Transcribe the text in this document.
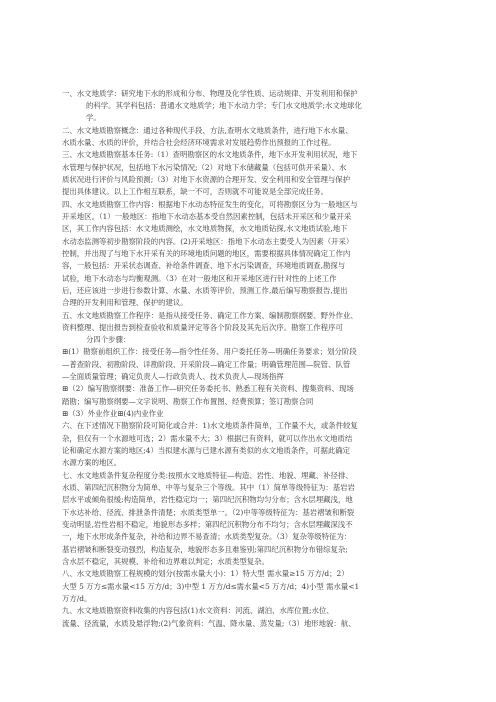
一、水文地质学：研究地下水的形成和分布、物理及化学性质、运动规律、开发利用和保护
的科学。其学科包括：普通水文地质学；地下水动力学；专门水文地质学;水文地球化
学。
二、水文地质勘察概念：通过各种现代手段、方法,查明水文地质条件，进行地下水水量、
水质水量、水质的评价，并结合社会经济环境需求对发展趋势作出预报的工作过程。
三、水文地质勘察基本任务:（1）查明勘察区的水文地质条件，地下水开发利用状况，地下
水管理与保护状况，包括地下水污染情况;（2）对地下水储藏量（包括可供开采量）、水
质状况进行评价与风险预测;（3）对地下水资源的合理开发、安全利用和安全管理与保护
提出具体建议。以上工作相互联系，缺一不可，否则就不可能说是全部完成任务。
四、水文地质勘察工作内容：根据地下水动态特征发生的变化，可将勘察区分为一般地区与
开采地区。（1）一般地区：指地下水动态基本受自然因素控制，包括未开采区和少量开采
区，其工作内容包括：水文地质测绘，水文地质物探，水文地质钻探,水文地质试验,地下
水动态监测等初步勘察阶段的内容。(2)开采地区：指地下水动态主要受人为因素（开采）
控制，并出现了与地下水开采有关的环境地质问题的地区，需要根据具体情况确定工作内
容，一般包括：开采状态调查、补给条件调查、地下水污染调查，环境地质调查,勘探与
试验，地下水动态与均衡观测。（3）在对一般地区和开采地区进行针对性的上述工作
后，还应该进一步进行参数计算、水量、水质等评价、预测工作,最后编写勘察报告,提出
合理的开发利用和管理、保护的建议。
五、水文地质勘察工作程序：是指从接受任务、确定工作方案、编制勘察纲要、野外作业、
资料整理、提出报告到检查验收和质量评定等各个阶段及其先后次序。勘察工作程序可
分四个步骤：
⊞(1）勘察前组织工作：接受任务—指令性任务、用户委托任务—明确任务要求；划分阶段
—普查阶段、初勘阶段、详勘阶段、开采阶段—确定工作量；明确管理范围—院管、队管
—全面质量管理；确定负责人—行政负责人、技术负责人—现场指挥
⊞（2）编写勘察纲要：准备工作—研究任务委托书、熟悉工程有关资料、搜集资料、现场
踏勘；编写勘察纲要—文字说明、勘察工作布置图、经费预算；签订勘察合同
⊞（3）外业作业⊞(4)内业作业
六、在下述情况下勘察阶段可简化或合并：1)水文地质条件简单，工作量不大，或条件较复
杂，但仅有一个水源地可选；2）需水量不大；3）根据已有资料，就可以作出水文地质结
论和确定水源方案的地区;4）当拟建水源与已建水源有类似的水文地质条件，可据此确定
水源方案的地区。
七、水文地质条件复杂程度分类:按照水文地质特征—构造、岩性、地貌、埋藏、补径排、
水质、第四纪沉积物分为简单、中等与复杂三个等级。其中（1）简单等级特征为：基岩岩
层水平或倾角很缓;构造简单，岩性稳定均一；第四纪沉积物均匀分布；含水层埋藏浅，地
下水达补给、径流、排泄条件清楚；水质类型单一。（2)中等等级特征为：基岩褶皱和断裂
变动明显,岩性岩相不稳定，地貌形态多样；第四纪沉积物分布不均匀；含水层埋藏深浅不
一，地下水形成条件复杂，补给和边界不易查清；水质类型复杂。（3）复杂等级特征为：
基岩褶皱和断裂变动强烈，构造复杂，地貌形态多且难鉴别;第四纪沉积物分布错综复杂;
含水层不稳定，其规模、补给和边界难以判定；水质类型复杂。
八、水文地质勘察工程规模的划分(按需水量大小)：1）特大型 需水量≥15 万方/d；2）
大型 5 万方≤需水量<15 万方/d；3)中型 1 万方/d≤需水量<5 万方/d；4)小型 需水量<1
万方/d。
九、水文地质勘察资料收集的内容包括(1)水文资料：河流、湖泊、水库位置;水位、
流量、径流量，水质及悬浮物;(2)气象资料：气温、降水量、蒸发量;（3）地形地貌：航、
